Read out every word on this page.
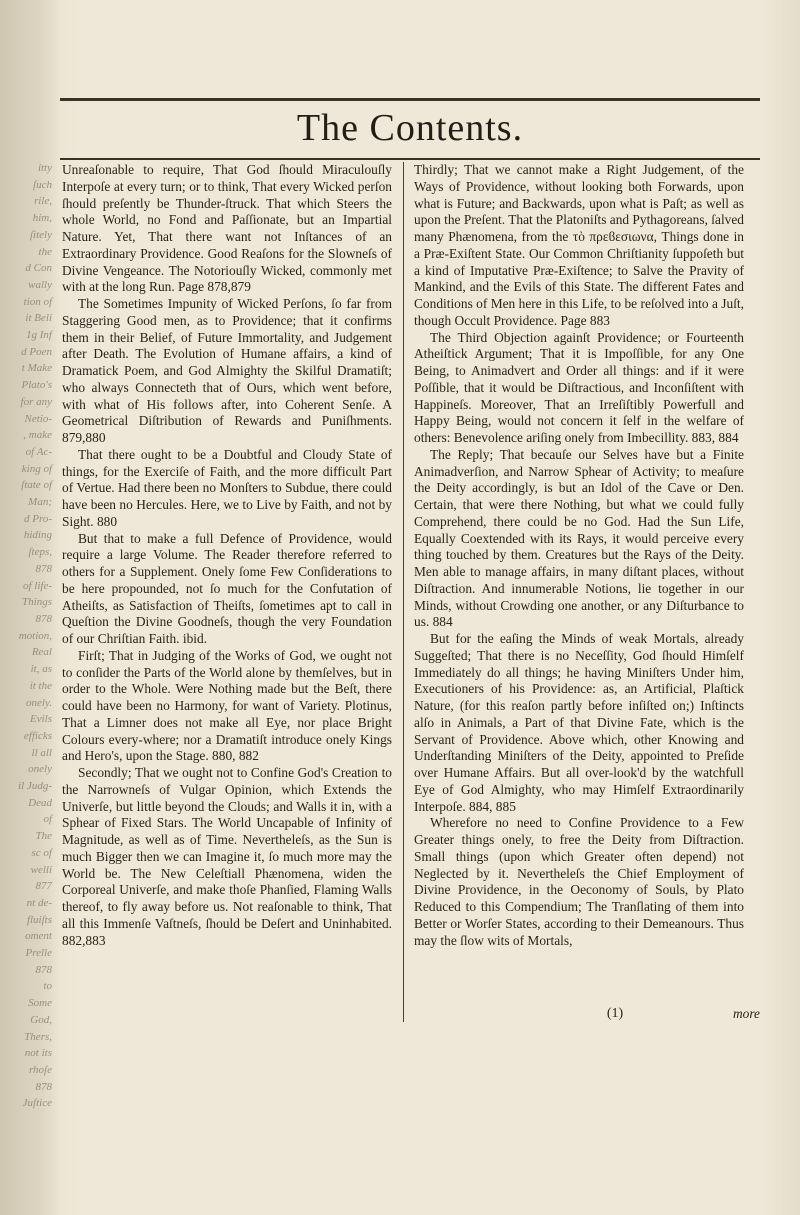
itty
ſuch
rile,
him,
ſitely
the
d Con
wally
tion of
it Beli
1g Inf
d Poen
t Make
Plato's
for any
Netio-
, make
of Ac-
king of
ſtate of
Man;
d Pro-
hiding
ſteps,
878
of life-
Things
878
motion,
Real
it, as
it the
onely.
Evils
efficks
ll all
onely
il Judg-
Dead
of
The
sc of
welli
877
nt de-
fluiſts
oment
Prelle
878
to
Some
God,
Thers,
not its
rhoſe
878
Juſtice
The Contents.

Unreaſonable to require, That God ſhould Miraculouſly Interpoſe at every turn; or to think, That every Wicked perſon ſhould preſently be Thunder-ſtruck. That which Steers the whole World, no Fond and Paſſionate, but an Impartial Nature. Yet, That there want not Inſtances of an Extraordinary Providence. Good Reaſons for the Slowneſs of Divine Vengeance. The Notoriouſly Wicked, commonly met with at the long Run. Page 878,879

The Sometimes Impunity of Wicked Perſons, ſo far from Staggering Good men, as to Providence; that it confirms them in their Belief, of Future Immortality, and Judgement after Death. The Evolution of Humane affairs, a kind of Dramatick Poem, and God Almighty the Skilful Dramatiſt; who always Connecteth that of Ours, which went before, with what of His follows after, into Coherent Senſe. A Geometrical Diſtribution of Rewards and Puniſhments. 879,880

That there ought to be a Doubtful and Cloudy State of things, for the Exerciſe of Faith, and the more difficult Part of Vertue. Had there been no Monſters to Subdue, there could have been no Hercules. Here, we to Live by Faith, and not by Sight. 880

But that to make a full Defence of Providence, would require a large Volume. The Reader therefore referred to others for a Supplement. Onely ſome Few Conſiderations to be here propounded, not ſo much for the Confutation of Atheiſts, as Satisfaction of Theiſts, ſometimes apt to call in Queſtion the Divine Goodneſs, though the very Foundation of our Chriſtian Faith. ibid.

Firſt; That in Judging of the Works of God, we ought not to conſider the Parts of the World alone by themſelves, but in order to the Whole. Were Nothing made but the Beſt, there could have been no Harmony, for want of Variety. Plotinus, That a Limner does not make all Eye, nor place Bright Colours every-where; nor a Dramatiſt introduce onely Kings and Hero's, upon the Stage. 880, 882

Secondly; That we ought not to Confine God's Creation to the Narrowneſs of Vulgar Opinion, which Extends the Univerſe, but little beyond the Clouds; and Walls it in, with a Sphear of Fixed Stars. The World Uncapable of Infinity of Magnitude, as well as of Time. Nevertheleſs, as the Sun is much Bigger then we can Imagine it, ſo much more may the World be. The New Celeſtiall Phænomena, widen the Corporeal Univerſe, and make thoſe Phanſied, Flaming Walls thereof, to fly away before us. Not reaſonable to think, That all this Immenſe Vaſtneſs, ſhould be Deſert and Uninhabited. 882,883

Thirdly; That we cannot make a Right Judgement, of the Ways of Providence, without looking both Forwards, upon what is Future; and Backwards, upon what is Paſt; as well as upon the Preſent. That the Platoniſts and Pythagoreans, ſalved many Phænomena, from the τὸ πρεϐεσιωνα, Things done in a Præ-Exiſtent State. Our Common Chriſtianity ſuppoſeth but a kind of Imputative Præ-Exiſtence; to Salve the Pravity of Mankind, and the Evils of this State. The different Fates and Conditions of Men here in this Life, to be reſolved into a Juſt, though Occult Providence. Page 883

The Third Objection againſt Providence; or Fourteenth Atheiſtick Argument; That it is Impoſſible, for any One Being, to Animadvert and Order all things: and if it were Poſſible, that it would be Diſtractious, and Inconſiſtent with Happineſs. Moreover, That an Irreſiſtibly Powerfull and Happy Being, would not concern it ſelf in the welfare of others: Benevolence ariſing onely from Imbecillity. 883, 884

The Reply; That becauſe our Selves have but a Finite Animadverſion, and Narrow Sphear of Activity; to meaſure the Deity accordingly, is but an Idol of the Cave or Den. Certain, that were there Nothing, but what we could fully Comprehend, there could be no God. Had the Sun Life, Equally Coextended with its Rays, it would perceive every thing touched by them. Creatures but the Rays of the Deity. Men able to manage affairs, in many diſtant places, without Diſtraction. And innumerable Notions, lie together in our Minds, without Crowding one another, or any Diſturbance to us. 884

But for the eaſing the Minds of weak Mortals, already Suggeſted; That there is no Neceſſity, God ſhould Himſelf Immediately do all things; he having Miniſters Under him, Executioners of his Providence: as, an Artificial, Plaſtick Nature, (for this reaſon partly before inſiſted on;) Inſtincts alſo in Animals, a Part of that Divine Fate, which is the Servant of Providence. Above which, other Knowing and Underſtanding Miniſters of the Deity, appointed to Preſide over Humane Affairs. But all over-look'd by the watchfull Eye of God Almighty, who may Himſelf Extraordinarily Interpoſe. 884, 885

Wherefore no need to Confine Providence to a Few Greater things onely, to free the Deity from Diſtraction. Small things (upon which Greater often depend) not Neglected by it. Nevertheleſs the Chief Employment of Divine Providence, in the Oeconomy of Souls, by Plato Reduced to this Compendium; The Tranſlating of them into Better or Worſer States, according to their Demeanours. Thus may the ſlow wits of Mortals,

(1)	more
